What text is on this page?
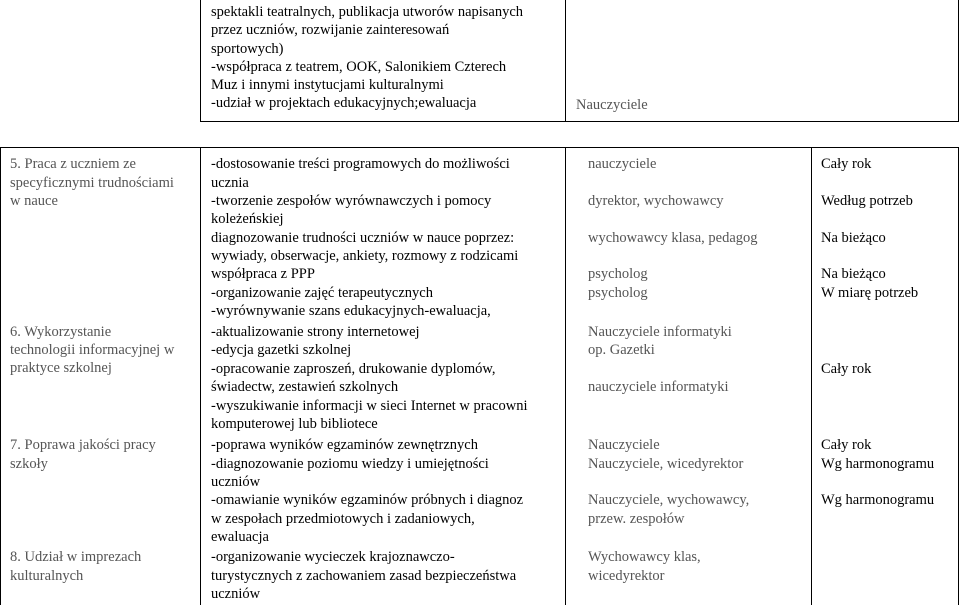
spektakli teatralnych, publikacja utworów napisanych
przez uczniów, rozwijanie zainteresowań
sportowych)
-współpraca z teatrem, OOK, Salonikiem Czterech
Muz i innymi instytucjami kulturalnymi
-udział w projektach edukacyjnych;ewaluacja	Nauczyciele
5. Praca z uczniem ze
specyficznymi trudnościami
w nauce
6. Wykorzystanie
technologii informacyjnej w
praktyce szkolnej
7. Poprawa jakości pracy
szkoły
8. Udział w imprezach
kulturalnych
-dostosowanie treści programowych do możliwości
ucznia
-tworzenie zespołów wyrównawczych i pomocy
koleżeńskiej
diagnozowanie trudności uczniów w nauce poprzez:
wywiady, obserwacje, ankiety, rozmowy z rodzicami
współpraca z PPP
-organizowanie zajęć terapeutycznych
-wyrównywanie szans edukacyjnych-ewaluacja,
-aktualizowanie strony internetowej
-edycja gazetki szkolnej
-opracowanie zaproszeń, drukowanie dyplomów,
świadectw, zestawień szkolnych
-wyszukiwanie informacji w sieci Internet w pracowni
komputerowej lub bibliotece
-poprawa wyników egzaminów zewnętrznych
-diagnozowanie poziomu wiedzy i umiejętności
uczniów
-omawianie wyników egzaminów próbnych i diagnoz
w zespołach przedmiotowych i zadaniowych,
ewaluacja
-organizowanie wycieczek krajoznawczo-
turystycznych z zachowaniem zasad bezpieczeństwa
uczniów
nauczyciele
dyrektor, wychowawcy
wychowawcy klasa, pedagog
psycholog
psycholog
Nauczyciele informatyki
op. Gazetki
nauczyciele informatyki
Nauczyciele
Nauczyciele, wicedyrektor
Nauczyciele, wychowawcy,
przew. zespołów
Wychowawcy klas,
wicedyrektor
Cały rok
Według potrzeb
Na bieżąco
Na bieżąco
W miarę potrzeb
Cały rok
Cały rok
Wg harmonogramu
Wg harmonogramu
